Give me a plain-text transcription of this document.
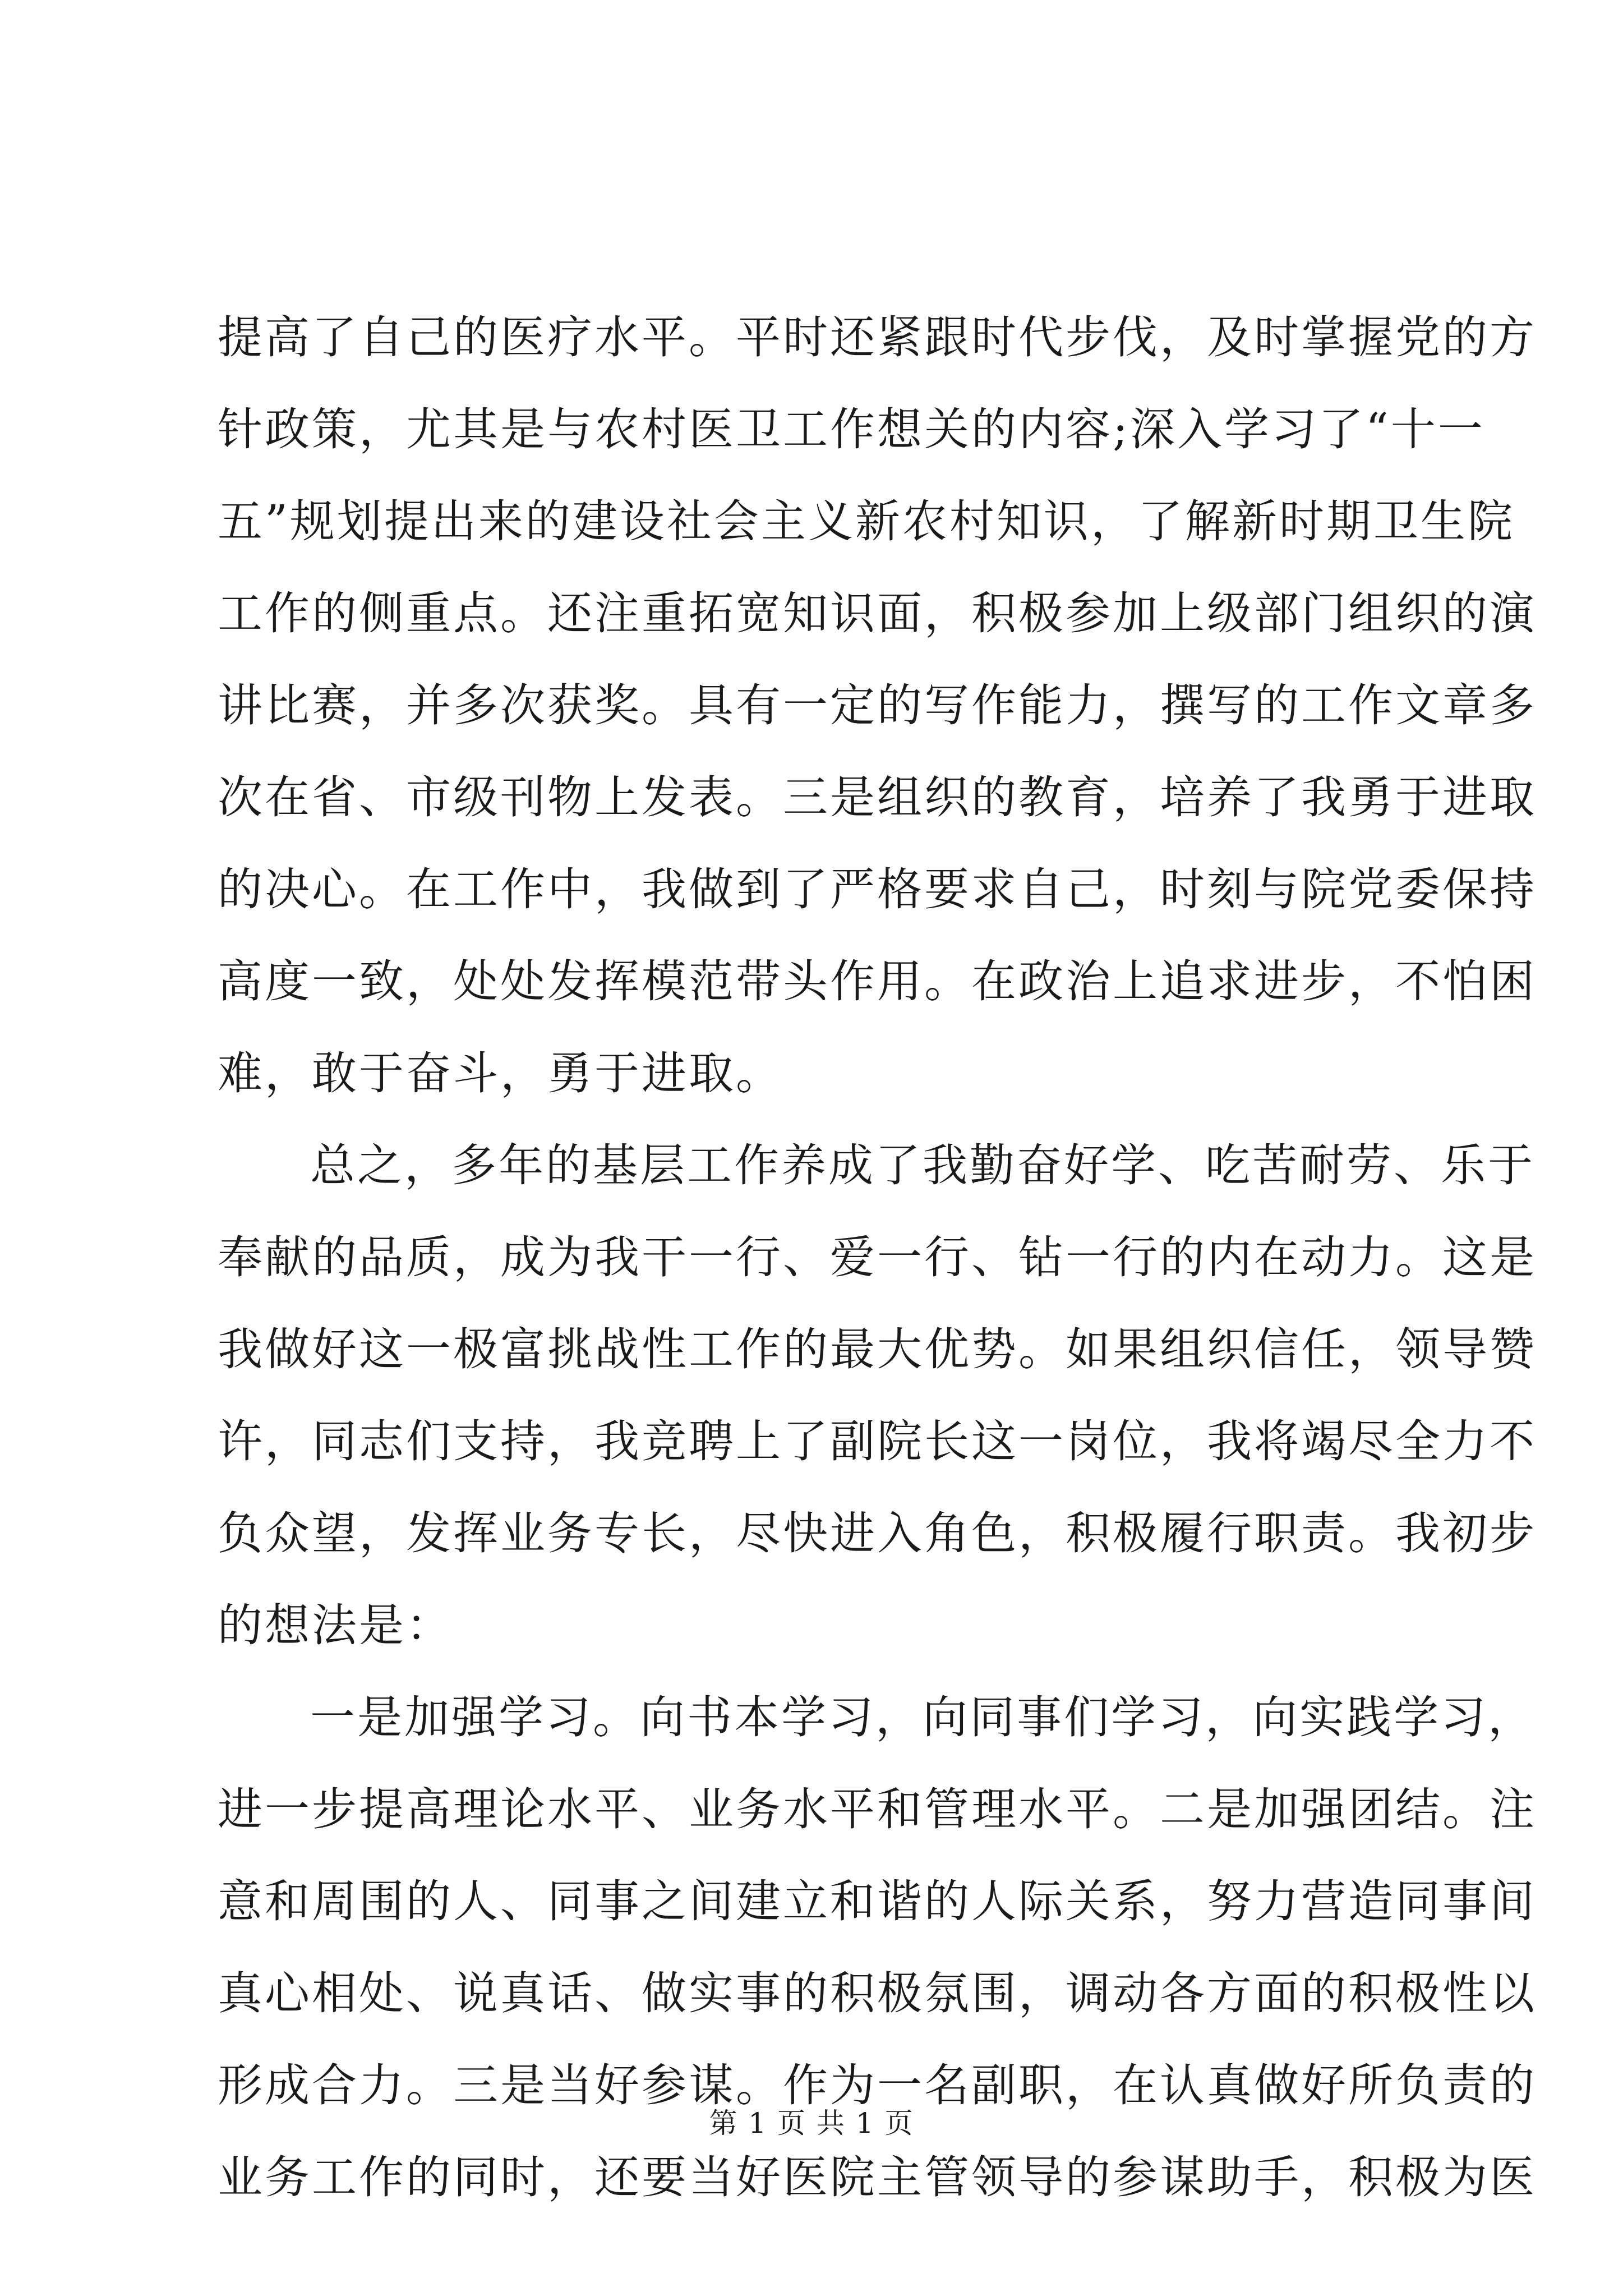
提高了自己的医疗水平。平时还紧跟时代步伐，及时掌握党的方
针政策，尤其是与农村医卫工作想关的内容;深入学习了“十一
五”规划提出来的建设社会主义新农村知识，了解新时期卫生院
工作的侧重点。还注重拓宽知识面，积极参加上级部门组织的演
讲比赛，并多次获奖。具有一定的写作能力，撰写的工作文章多
次在省、市级刊物上发表。三是组织的教育，培养了我勇于进取
的决心。在工作中，我做到了严格要求自己，时刻与院党委保持
高度一致，处处发挥模范带头作用。在政治上追求进步，不怕困
难，敢于奋斗，勇于进取。
总之，多年的基层工作养成了我勤奋好学、吃苦耐劳、乐于
奉献的品质，成为我干一行、爱一行、钻一行的内在动力。这是
我做好这一极富挑战性工作的最大优势。如果组织信任，领导赞
许，同志们支持，我竞聘上了副院长这一岗位，我将竭尽全力不
负众望，发挥业务专长，尽快进入角色，积极履行职责。我初步
的想法是：
一是加强学习。向书本学习，向同事们学习，向实践学习，
进一步提高理论水平、业务水平和管理水平。二是加强团结。注
意和周围的人、同事之间建立和谐的人际关系，努力营造同事间
真心相处、说真话、做实事的积极氛围，调动各方面的积极性以
形成合力。三是当好参谋。作为一名副职，在认真做好所负责的
业务工作的同时，还要当好医院主管领导的参谋助手，积极为医
第 1 页 共 1 页
